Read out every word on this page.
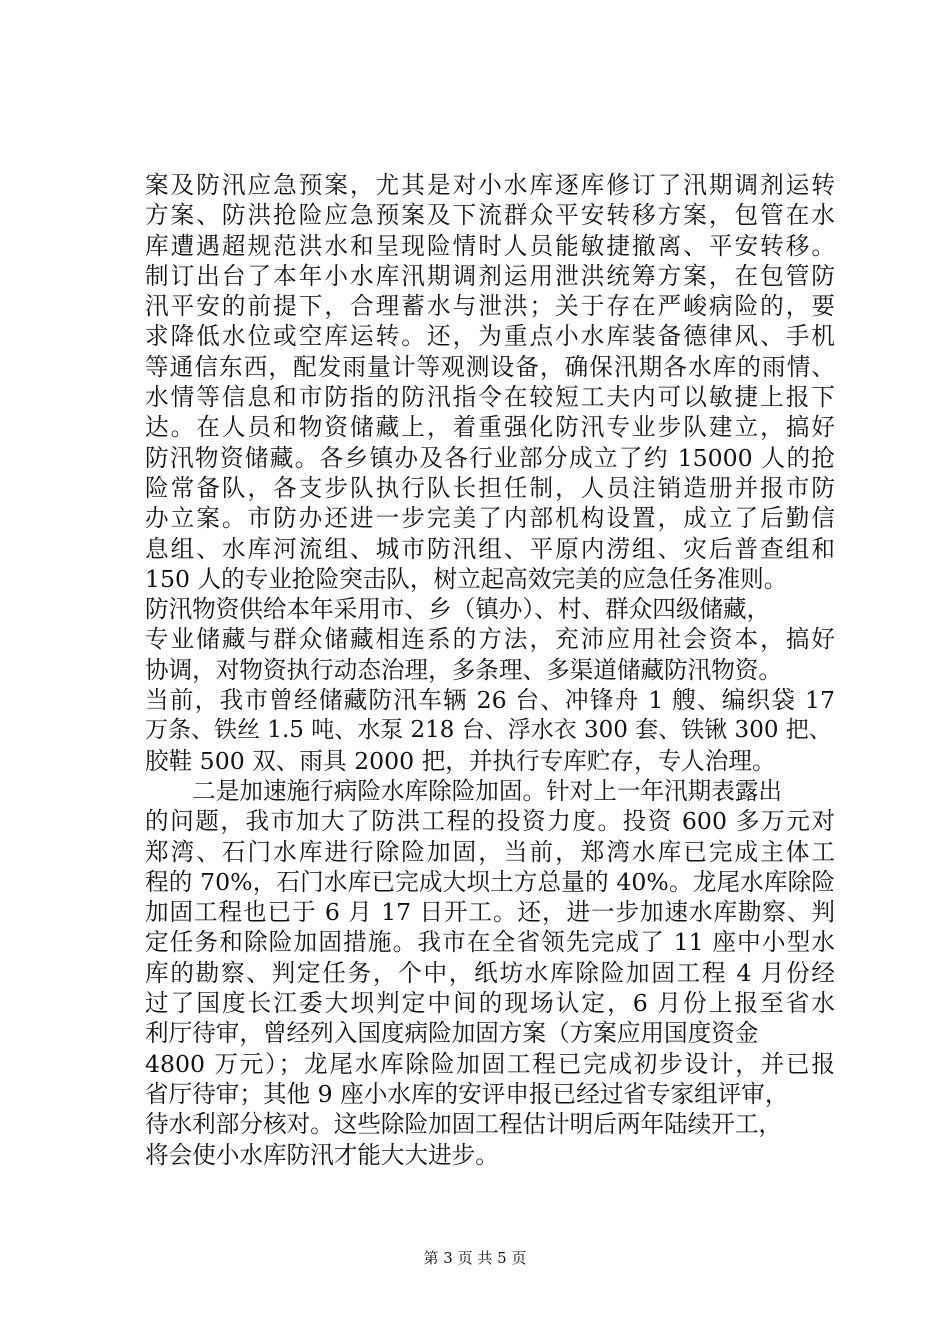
案及防汛应急预案，尤其是对小水库逐库修订了汛期调剂运转
方案、防洪抢险应急预案及下流群众平安转移方案，包管在水
库遭遇超规范洪水和呈现险情时人员能敏捷撤离、平安转移。
制订出台了本年小水库汛期调剂运用泄洪统筹方案，在包管防
汛平安的前提下，合理蓄水与泄洪；关于存在严峻病险的，要
求降低水位或空库运转。还，为重点小水库装备德律风、手机
等通信东西，配发雨量计等观测设备，确保汛期各水库的雨情、
水情等信息和市防指的防汛指令在较短工夫内可以敏捷上报下
达。在人员和物资储藏上，着重强化防汛专业步队建立，搞好
防汛物资储藏。各乡镇办及各行业部分成立了约 15000 人的抢
险常备队，各支步队执行队长担任制，人员注销造册并报市防
办立案。市防办还进一步完美了内部机构设置，成立了后勤信
息组、水库河流组、城市防汛组、平原内涝组、灾后普查组和
150 人的专业抢险突击队，树立起高效完美的应急任务准则。
防汛物资供给本年采用市、乡（镇办）、村、群众四级储藏，
专业储藏与群众储藏相连系的方法，充沛应用社会资本，搞好
协调，对物资执行动态治理，多条理、多渠道储藏防汛物资。
当前，我市曾经储藏防汛车辆 26 台、冲锋舟 1 艘、编织袋 17
万条、铁丝 1.5 吨、水泵 218 台、浮水衣 300 套、铁锹 300 把、
胶鞋 500 双、雨具 2000 把，并执行专库贮存，专人治理。
　　二是加速施行病险水库除险加固。针对上一年汛期表露出
的问题，我市加大了防洪工程的投资力度。投资 600 多万元对
郑湾、石门水库进行除险加固，当前，郑湾水库已完成主体工
程的 70%，石门水库已完成大坝土方总量的 40%。龙尾水库除险
加固工程也已于 6 月 17 日开工。还，进一步加速水库勘察、判
定任务和除险加固措施。我市在全省领先完成了 11 座中小型水
库的勘察、判定任务，个中，纸坊水库除险加固工程 4 月份经
过了国度长江委大坝判定中间的现场认定，6 月份上报至省水
利厅待审，曾经列入国度病险加固方案（方案应用国度资金
4800 万元）；龙尾水库除险加固工程已完成初步设计，并已报
省厅待审；其他 9 座小水库的安评申报已经过省专家组评审，
待水利部分核对。这些除险加固工程估计明后两年陆续开工，
将会使小水库防汛才能大大进步。
第 3 页 共 5 页
